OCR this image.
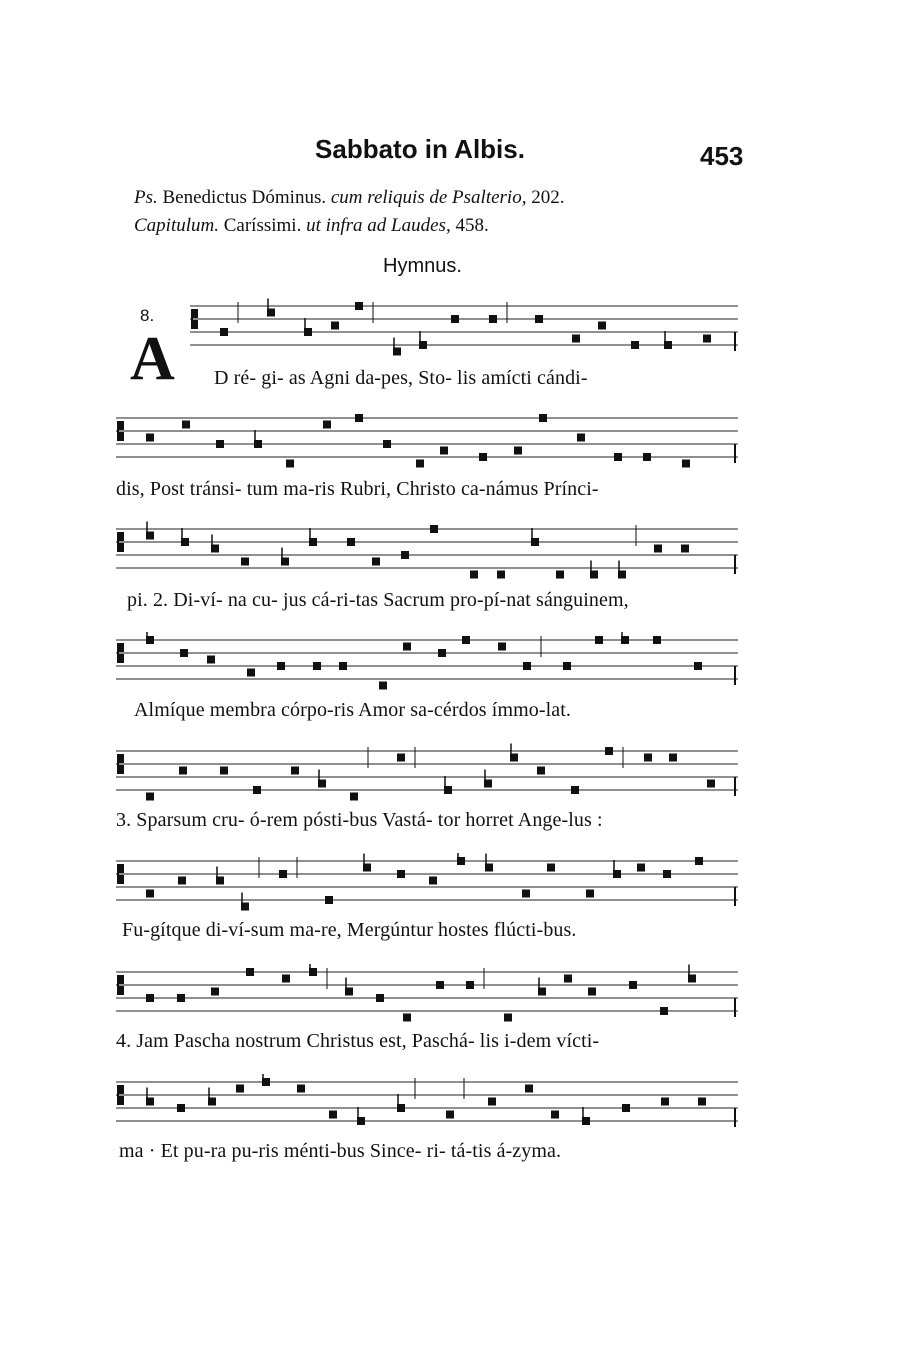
Sabbato in Albis.	453
Ps. Benedictus Dóminus. cum reliquis de Psalterio, 202.
Capitulum. Caríssimi. ut infra ad Laudes, 458.
Hymnus.
8.
A D ré- gi- as Agni da-pes, Sto- lis amícti cándi-
dis, Post tránsi- tum ma-ris Rubri, Christo ca-námus Prínci-
pi. 2. Di-ví- na cu- jus cá-ri-tas Sacrum pro-pí-nat sánguinem,
Almíque membra córpo-ris Amor sa-cérdos ímmo-lat.
3. Sparsum cru- ó-rem pósti-bus Vastá- tor horret Ange-lus :
Fu-gítque di-ví-sum ma-re, Mergúntur hostes flúcti-bus.
4. Jam Pascha nostrum Christus est, Paschá- lis i-dem vícti-
ma · Et pu-ra pu-ris ménti-bus Since- ri- tá-tis á-zyma.
